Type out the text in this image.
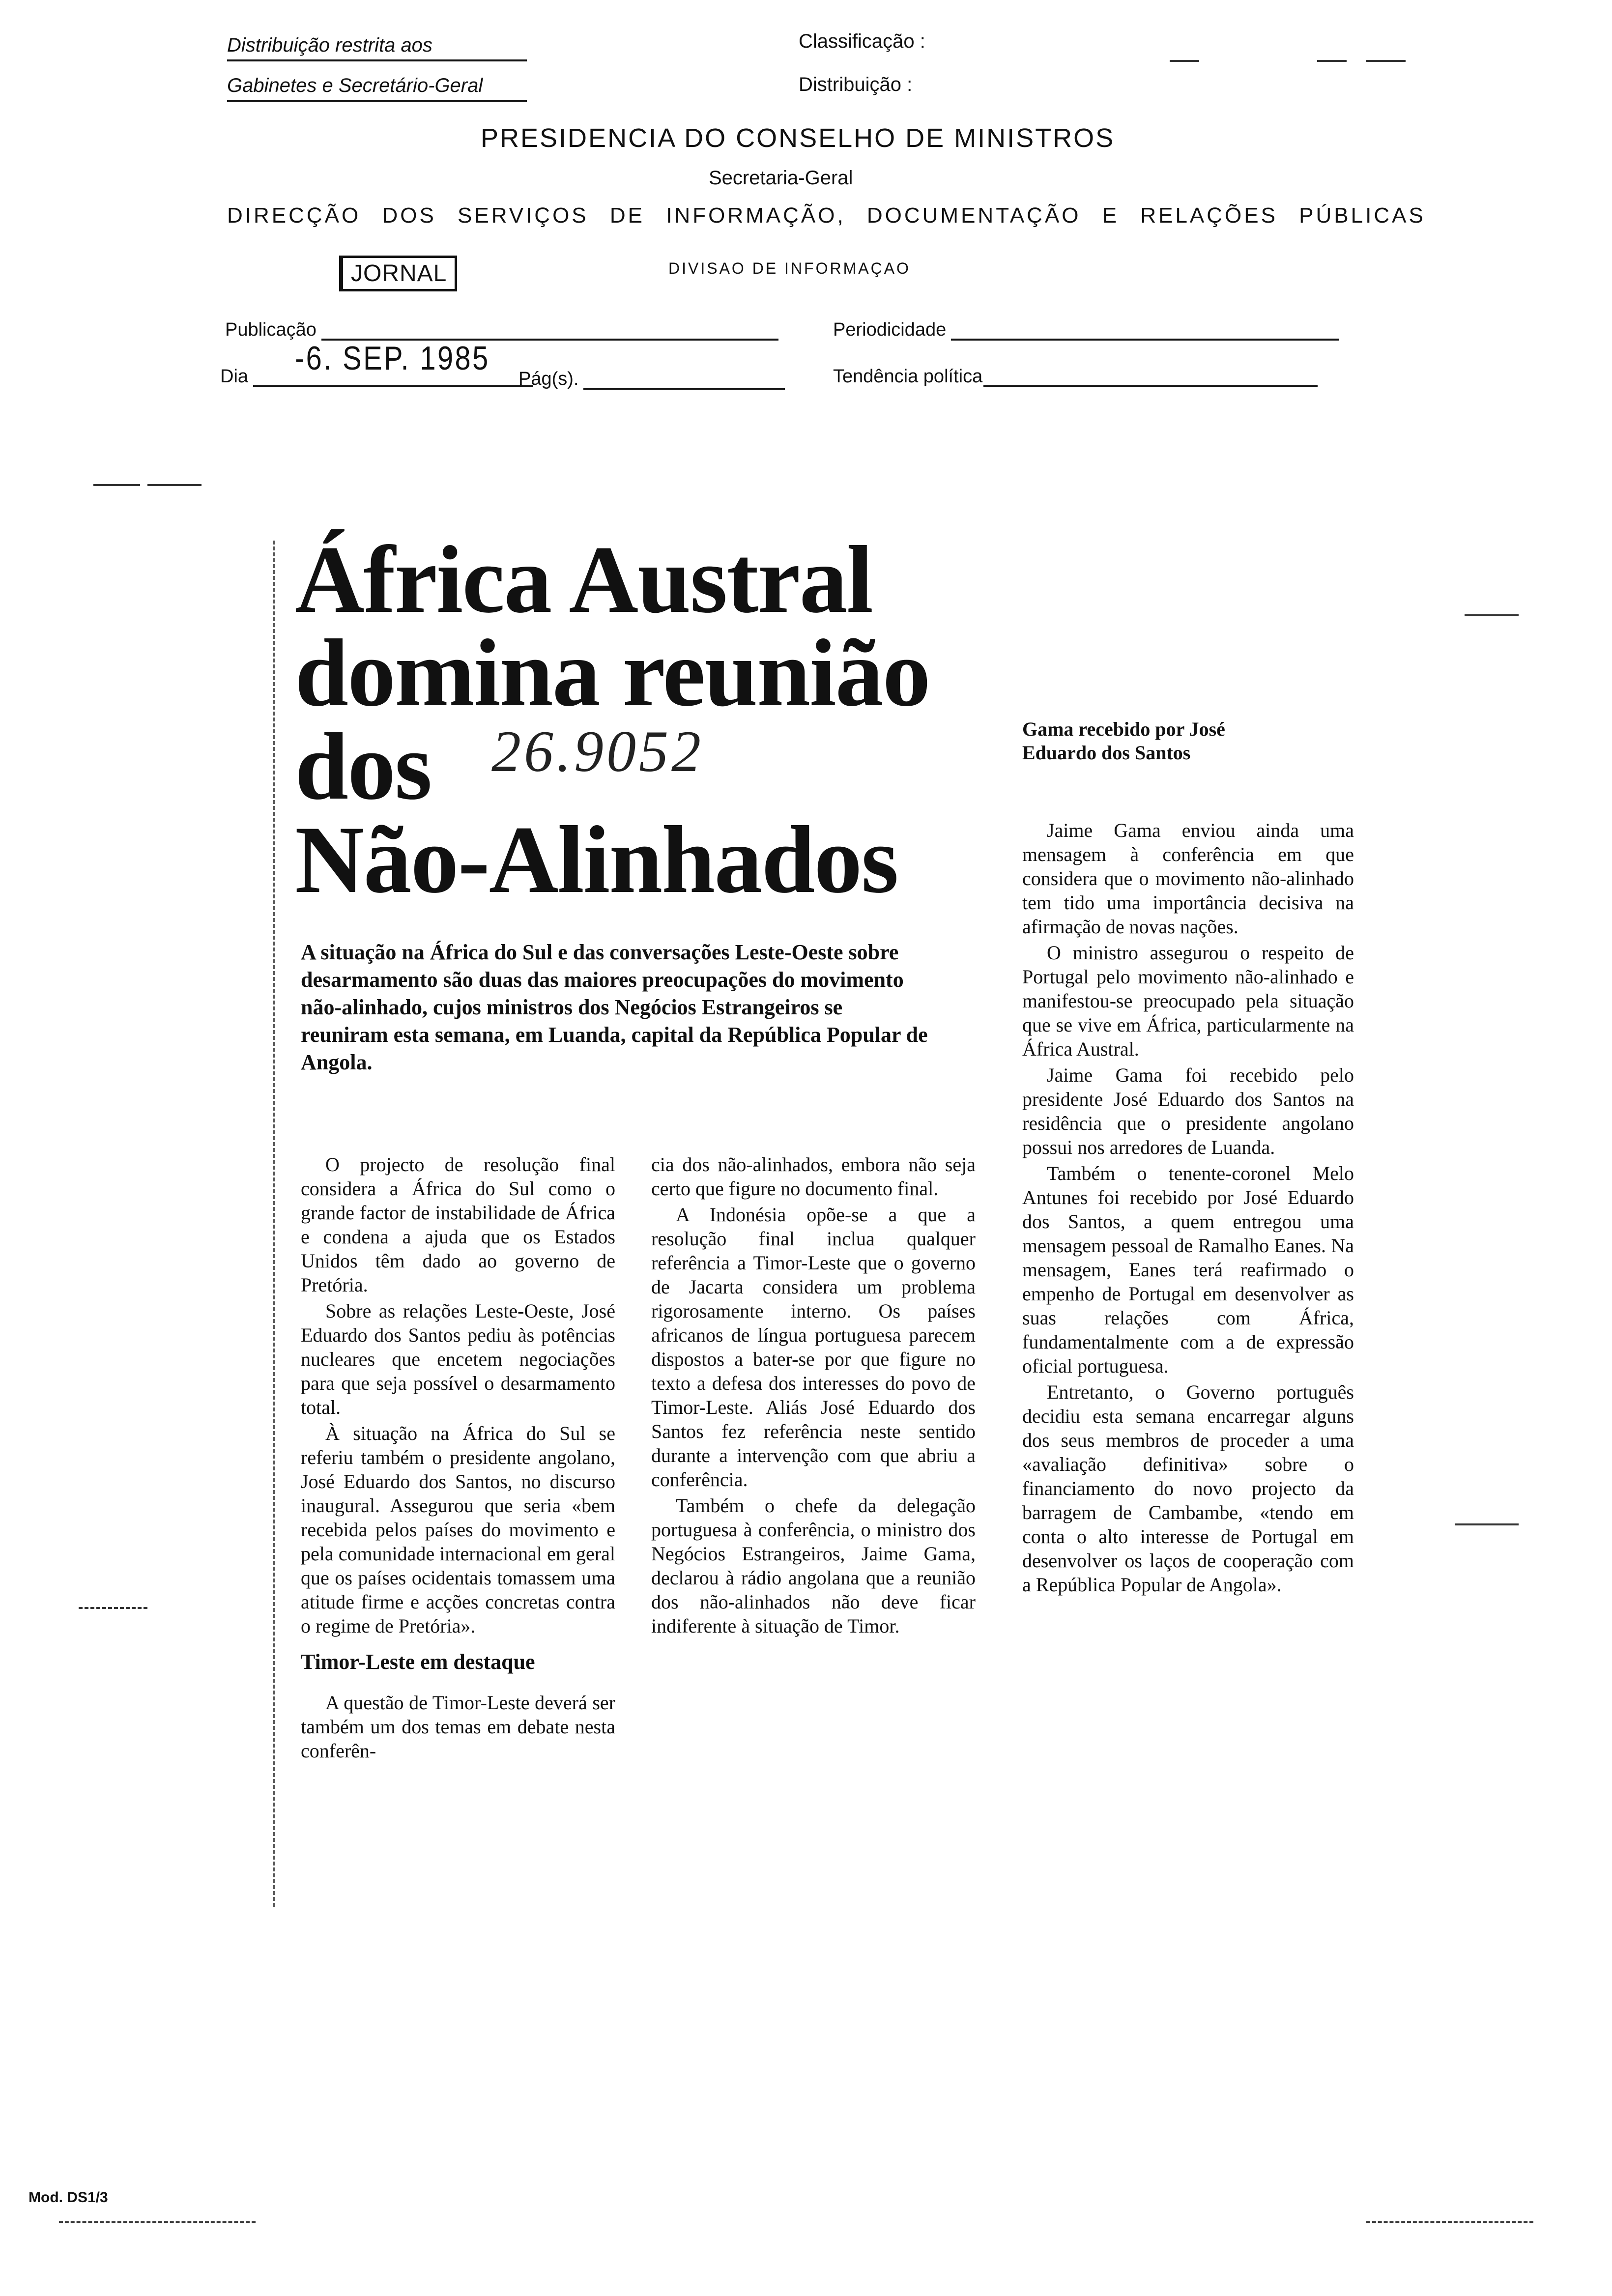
Distribuição restrita aos
Gabinetes e Secretário-Geral
Classificação :
Distribuição :
PRESIDENCIA DO CONSELHO DE MINISTROS
Secretaria-Geral
DIRECÇÃO DOS SERVIÇOS DE INFORMAÇÃO, DOCUMENTAÇÃO E RELAÇÕES PÚBLICAS
JORNAL	DIVISAO DE INFORMAÇAO
Publicação	Periodicidade
Dia -6. SEP. 1985
Pág(s).	Tendência política
África Austral
domina reunião
dos
Não-Alinhados
26.9052
A situação na África do Sul e das conversações Leste-Oeste sobre desarmamento são duas das maiores preocupações do movimento não-alinhado, cujos ministros dos Negócios Estrangeiros se reuniram esta semana, em Luanda, capital da República Popular de Angola.

O projecto de resolução final considera a África do Sul como o grande factor de instabilidade de África e condena a ajuda que os Estados Unidos têm dado ao governo de Pretória.

Sobre as relações Leste-Oeste, José Eduardo dos Santos pediu às potências nucleares que encetem negociações para que seja possível o desarmamento total.

À situação na África do Sul se referiu também o presidente angolano, José Eduardo dos Santos, no discurso inaugural. Assegurou que seria «bem recebida pelos países do movimento e pela comunidade internacional em geral que os países ocidentais tomassem uma atitude firme e acções concretas contra o regime de Pretória».

Timor-Leste em destaque

A questão de Timor-Leste deverá ser também um dos temas em debate nesta conferên-

cia dos não-alinhados, embora não seja certo que figure no documento final.

A Indonésia opõe-se a que a resolução final inclua qualquer referência a Timor-Leste que o governo de Jacarta considera um problema rigorosamente interno. Os países africanos de língua portuguesa parecem dispostos a bater-se por que figure no texto a defesa dos interesses do povo de Timor-Leste. Aliás José Eduardo dos Santos fez referência neste sentido durante a intervenção com que abriu a conferência.

Também o chefe da delegação portuguesa à conferência, o ministro dos Negócios Estrangeiros, Jaime Gama, declarou à rádio angolana que a reunião dos não-alinhados não deve ficar indiferente à situação de Timor.

Gama recebido por José Eduardo dos Santos

Jaime Gama enviou ainda uma mensagem à conferência em que considera que o movimento não-alinhado tem tido uma importância decisiva na afirmação de novas nações.

O ministro assegurou o respeito de Portugal pelo movimento não-alinhado e manifestou-se preocupado pela situação que se vive em África, particularmente na África Austral.

Jaime Gama foi recebido pelo presidente José Eduardo dos Santos na residência que o presidente angolano possui nos arredores de Luanda.

Também o tenente-coronel Melo Antunes foi recebido por José Eduardo dos Santos, a quem entregou uma mensagem pessoal de Ramalho Eanes. Na mensagem, Eanes terá reafirmado o empenho de Portugal em desenvolver as suas relações com África, fundamentalmente com a de expressão oficial portuguesa.

Entretanto, o Governo português decidiu esta semana encarregar alguns dos seus membros de proceder a uma «avaliação definitiva» sobre o financiamento do novo projecto da barragem de Cambambe, «tendo em conta o alto interesse de Portugal em desenvolver os laços de cooperação com a República Popular de Angola».

Mod. DS1/3
